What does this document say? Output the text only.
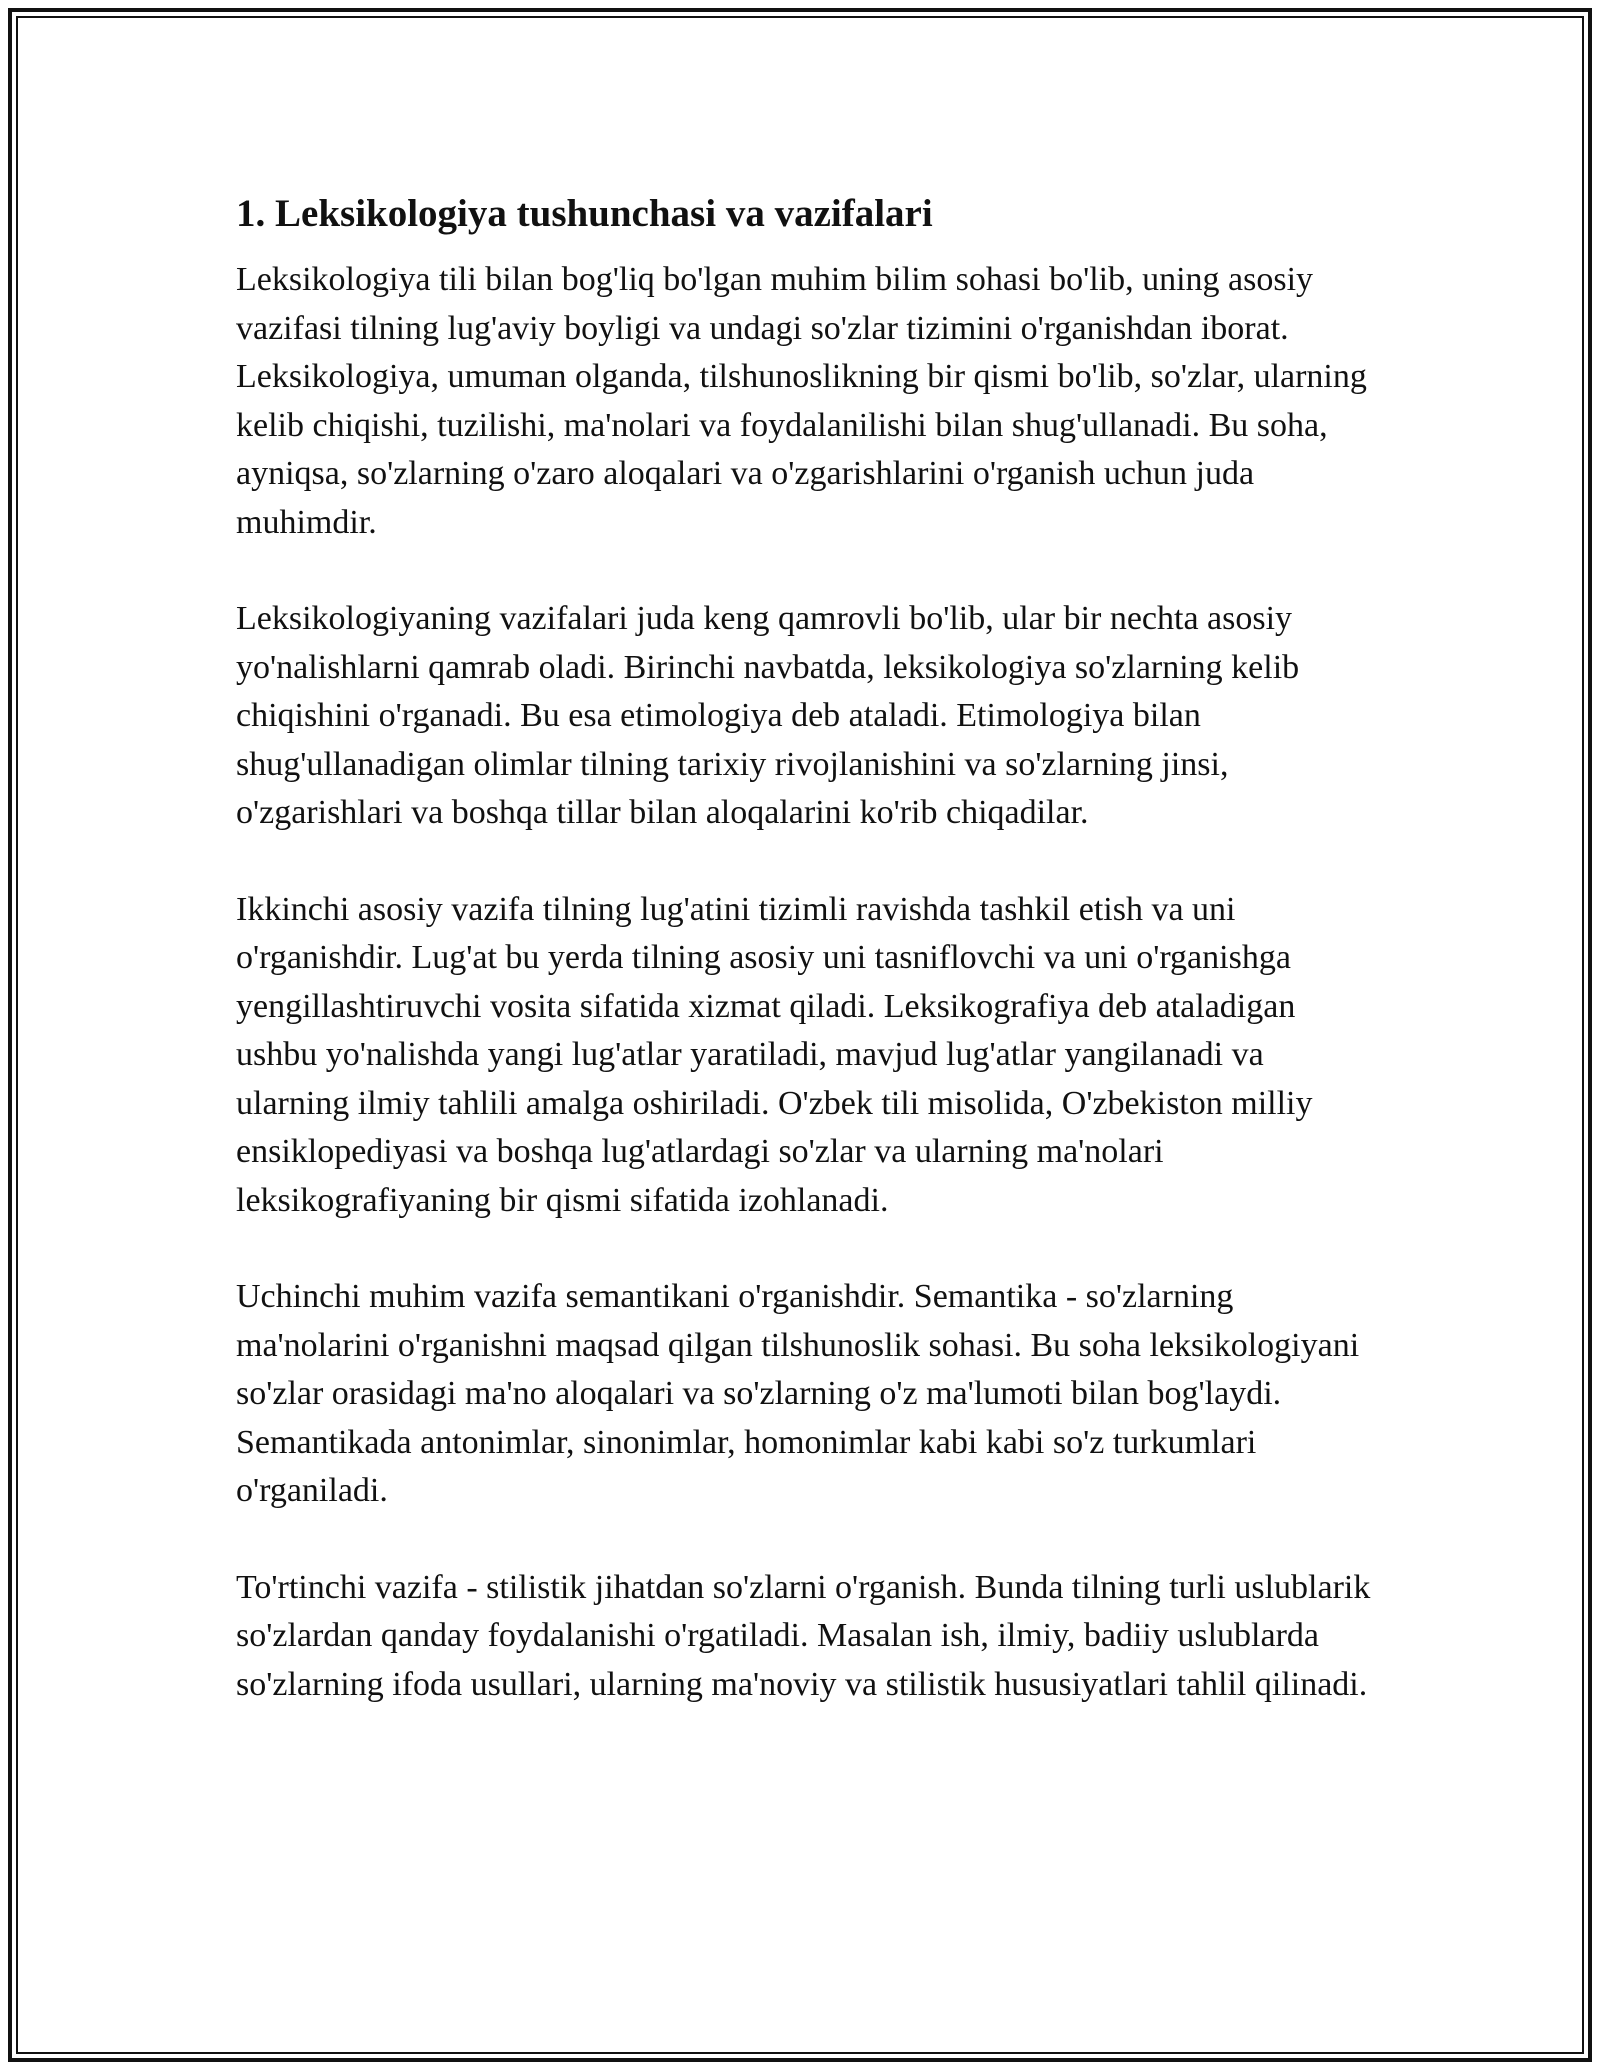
1. Leksikologiya tushunchasi va vazifalari

Leksikologiya tili bilan bog'liq bo'lgan muhim bilim sohasi bo'lib, uning asosiy vazifasi tilning lug'aviy boyligi va undagi so'zlar tizimini o'rganishdan iborat. Leksikologiya, umuman olganda, tilshunoslikning bir qismi bo'lib, so'zlar, ularning kelib chiqishi, tuzilishi, ma'nolari va foydalanilishi bilan shug'ullanadi. Bu soha, ayniqsa, so'zlarning o'zaro aloqalari va o'zgarishlarini o'rganish uchun juda muhimdir.

Leksikologiyaning vazifalari juda keng qamrovli bo'lib, ular bir nechta asosiy yo'nalishlarni qamrab oladi. Birinchi navbatda, leksikologiya so'zlarning kelib chiqishini o'rganadi. Bu esa etimologiya deb ataladi. Etimologiya bilan shug'ullanadigan olimlar tilning tarixiy rivojlanishini va so'zlarning jinsi, o'zgarishlari va boshqa tillar bilan aloqalarini ko'rib chiqadilar.

Ikkinchi asosiy vazifa tilning lug'atini tizimli ravishda tashkil etish va uni o'rganishdir. Lug'at bu yerda tilning asosiy uni tasniflovchi va uni o'rganishga yengillashtiruvchi vosita sifatida xizmat qiladi. Leksikografiya deb ataladigan ushbu yo'nalishda yangi lug'atlar yaratiladi, mavjud lug'atlar yangilanadi va ularning ilmiy tahlili amalga oshiriladi. O'zbek tili misolida, O'zbekiston milliy ensiklopediyasi va boshqa lug'atlardagi so'zlar va ularning ma'nolari leksikografiyaning bir qismi sifatida izohlanadi.

Uchinchi muhim vazifa semantikani o'rganishdir. Semantika - so'zlarning ma'nolarini o'rganishni maqsad qilgan tilshunoslik sohasi. Bu soha leksikologiyani so'zlar orasidagi ma'no aloqalari va so'zlarning o'z ma'lumoti bilan bog'laydi. Semantikada antonimlar, sinonimlar, homonimlar kabi kabi so'z turkumlari o'rganiladi.

To'rtinchi vazifa - stilistik jihatdan so'zlarni o'rganish. Bunda tilning turli uslublarik so'zlardan qanday foydalanishi o'rgatiladi. Masalan ish, ilmiy, badiiy uslublarda so'zlarning ifoda usullari, ularning ma'noviy va stilistik hususiyatlari tahlil qilinadi.
